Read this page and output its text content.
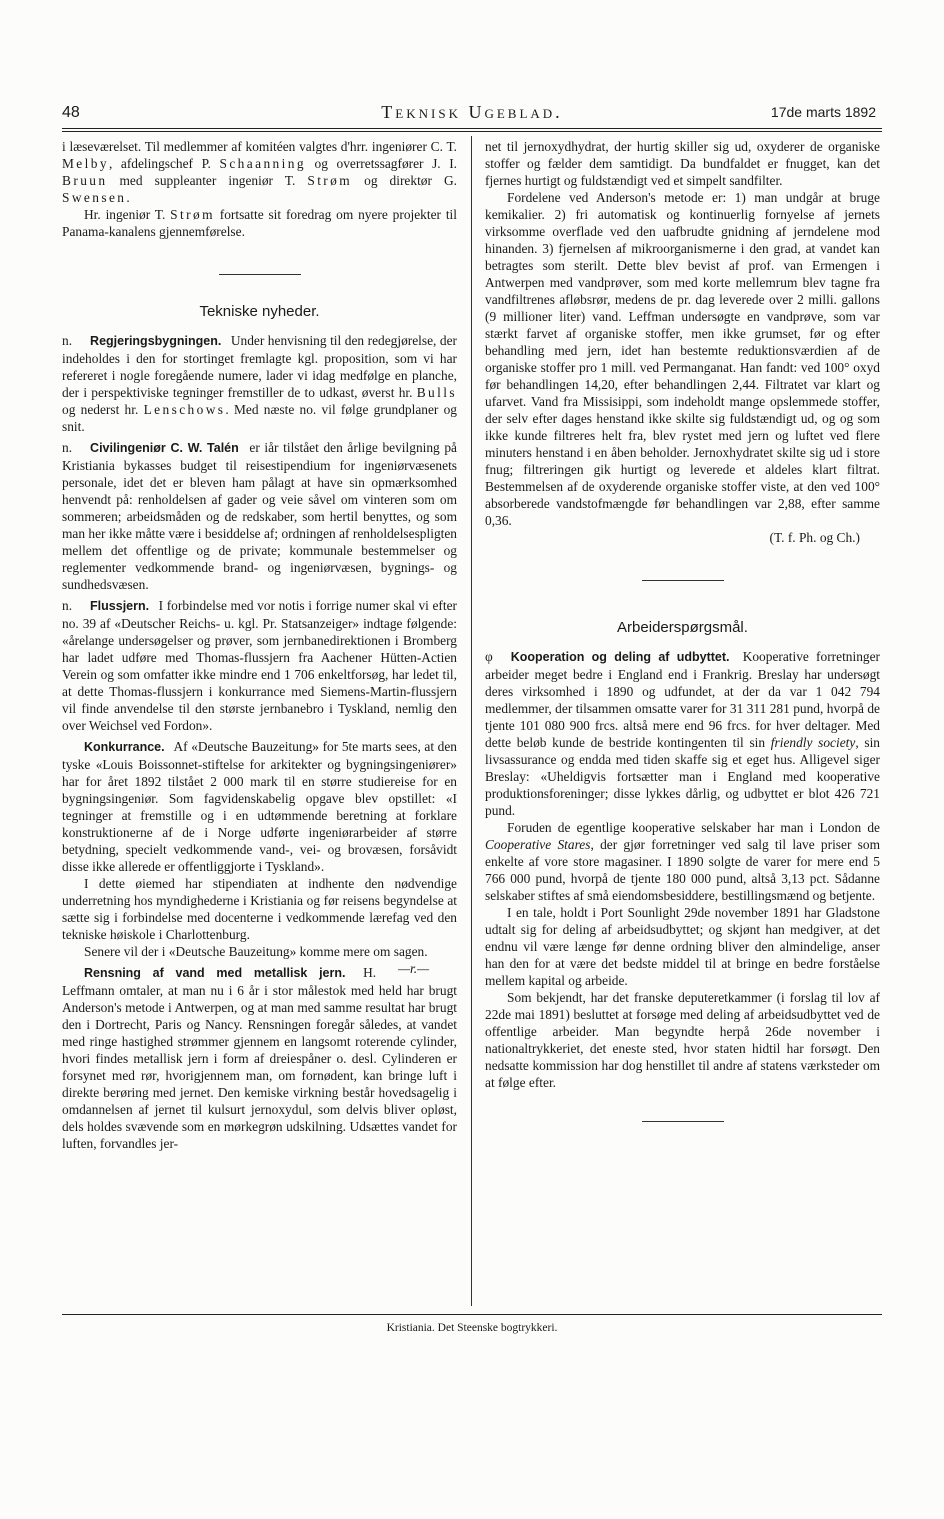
48	Teknisk Ugeblad.	17de marts 1892

i læseværelset. Til medlemmer af komitéen valgtes d'hrr. ingeniører C. T. Melby, afdelingschef P. Schaanning og overretssagfører J. I. Bruun med suppleanter ingeniør T. Strøm og direktør G. Swensen.

Hr. ingeniør T. Strøm fortsatte sit foredrag om nyere projekter til Panama-kanalens gjennemførelse.

Tekniske nyheder.

n. Regjeringsbygningen. Under henvisning til den redegjørelse, der indeholdes i den for stortinget fremlagte kgl. proposition, som vi har refereret i nogle foregående numere, lader vi idag medfølge en planche, der i perspektiviske tegninger fremstiller de to udkast, øverst hr. Bulls og nederst hr. Lenschows. Med næste no. vil følge grundplaner og snit.

n. Civilingeniør C. W. Talén er iår tilstået den årlige bevilgning på Kristiania bykasses budget til reisestipendium for ingeniørvæsenets personale, idet det er bleven ham pålagt at have sin opmærksomhed henvendt på: renholdelsen af gader og veie såvel om vinteren som om sommeren; arbeidsmåden og de redskaber, som hertil benyttes, og som man her ikke måtte være i besiddelse af; ordningen af renholdelsespligten mellem det offentlige og de private; kommunale bestemmelser og reglementer vedkommende brand- og ingeniørvæsen, bygnings- og sundhedsvæsen.

n. Flussjern. I forbindelse med vor notis i forrige numer skal vi efter no. 39 af «Deutscher Reichs- u. kgl. Pr. Statsanzeiger» indtage følgende: «årelange undersøgelser og prøver, som jernbanedirektionen i Bromberg har ladet udføre med Thomas-flussjern fra Aachener Hütten-Actien Verein og som omfatter ikke mindre end 1 706 enkeltforsøg, har ledet til, at dette Thomas-flussjern i konkurrance med Siemens-Martin-flussjern vil finde anvendelse til den største jernbanebro i Tyskland, nemlig den over Weichsel ved Fordon».

Konkurrance. Af «Deutsche Bauzeitung» for 5te marts sees, at den tyske «Louis Boissonnet-stiftelse for arkitekter og bygningsingeniører» har for året 1892 tilstået 2 000 mark til en større studiereise for en bygningsingeniør. Som fagvidenskabelig opgave blev opstillet: «I tegninger at fremstille og i en udtømmende beretning at forklare konstruktionerne af de i Norge udførte ingeniørarbeider af større betydning, specielt vedkommende vand-, vei- og brovæsen, forsåvidt disse ikke allerede er offentliggjorte i Tyskland».

I dette øiemed har stipendiaten at indhente den nødvendige underretning hos myndighederne i Kristiania og før reisens begyndelse at sætte sig i forbindelse med docenterne i vedkommende lærefag ved den tekniske høiskole i Charlottenburg.

Senere vil der i «Deutsche Bauzeitung» komme mere om sagen.
—r.—

Rensning af vand med metallisk jern. H. Leffmann omtaler, at man nu i 6 år i stor målestok med held har brugt Anderson's metode i Antwerpen, og at man med samme resultat har brugt den i Dortrecht, Paris og Nancy. Rensningen foregår således, at vandet med ringe hastighed strømmer gjennem en langsomt roterende cylinder, hvori findes metallisk jern i form af dreiespåner o. desl. Cylinderen er forsynet med rør, hvorigjennem man, om fornødent, kan bringe luft i direkte berøring med jernet. Den kemiske virkning består hovedsagelig i omdannelsen af jernet til kulsurt jernoxydul, som delvis bliver opløst, dels holdes svævende som en mørkegrøn udskilning. Udsættes vandet for luften, forvandles jer-

net til jernoxydhydrat, der hurtig skiller sig ud, oxyderer de organiske stoffer og fælder dem samtidigt. Da bundfaldet er fnugget, kan det fjernes hurtigt og fuldstændigt ved et simpelt sandfilter.

Fordelene ved Anderson's metode er: 1) man undgår at bruge kemikalier. 2) fri automatisk og kontinuerlig fornyelse af jernets virksomme overflade ved den uafbrudte gnidning af jerndelene mod hinanden. 3) fjernelsen af mikroorganismerne i den grad, at vandet kan betragtes som sterilt. Dette blev bevist af prof. van Ermengen i Antwerpen med vandprøver, som med korte mellemrum blev tagne fra vandfiltrenes afløbsrør, medens de pr. dag leverede over 2 milli. gallons (9 millioner liter) vand. Leffman undersøgte en vandprøve, som var stærkt farvet af organiske stoffer, men ikke grumset, før og efter behandling med jern, idet han bestemte reduktionsværdien af de organiske stoffer pro 1 mill. ved Permanganat. Han fandt: ved 100° oxyd før behandlingen 14,20, efter behandlingen 2,44. Filtratet var klart og ufarvet. Vand fra Missisippi, som indeholdt mange opslemmede stoffer, der selv efter dages henstand ikke skilte sig fuldstændigt ud, og og som ikke kunde filtreres helt fra, blev rystet med jern og luftet ved flere minuters henstand i en åben beholder. Jernoxhydratet skilte sig ud i store fnug; filtreringen gik hurtigt og leverede et aldeles klart filtrat. Bestemmelsen af de oxyderende organiske stoffer viste, at den ved 100° absorberede vandstofmængde før behandlingen var 2,88, efter samme 0,36.

(T. f. Ph. og Ch.)

Arbeiderspørgsmål.

φ Kooperation og deling af udbyttet. Kooperative forretninger arbeider meget bedre i England end i Frankrig. Breslay har undersøgt deres virksomhed i 1890 og udfundet, at der da var 1 042 794 medlemmer, der tilsammen omsatte varer for 31 311 281 pund, hvorpå de tjente 101 080 900 frcs. altså mere end 96 frcs. for hver deltager. Med dette beløb kunde de bestride kontingenten til sin friendly society, sin livsassurance og endda med tiden skaffe sig et eget hus. Alligevel siger Breslay: «Uheldigvis fortsætter man i England med kooperative produktionsforeninger; disse lykkes dårlig, og udbyttet er blot 426 721 pund.

Foruden de egentlige kooperative selskaber har man i London de Cooperative Stares, der gjør forretninger ved salg til lave priser som enkelte af vore store magasiner. I 1890 solgte de varer for mere end 5 766 000 pund, hvorpå de tjente 180 000 pund, altså 3,13 pct. Sådanne selskaber stiftes af små eiendomsbesiddere, bestillingsmænd og betjente.

I en tale, holdt i Port Sounlight 29de november 1891 har Gladstone udtalt sig for deling af arbeidsudbyttet; og skjønt han medgiver, at det endnu vil være længe før denne ordning bliver den almindelige, anser han den for at være det bedste middel til at bringe en bedre forståelse mellem kapital og arbeide.

Som bekjendt, har det franske deputeretkammer (i forslag til lov af 22de mai 1891) besluttet at forsøge med deling af arbeidsudbyttet ved de offentlige arbeider. Man begyndte herpå 26de november i nationaltrykkeriet, det eneste sted, hvor staten hidtil har forsøgt. Den nedsatte kommission har dog henstillet til andre af statens værksteder om at følge efter.

Kristiania. Det Steenske bogtrykkeri.
